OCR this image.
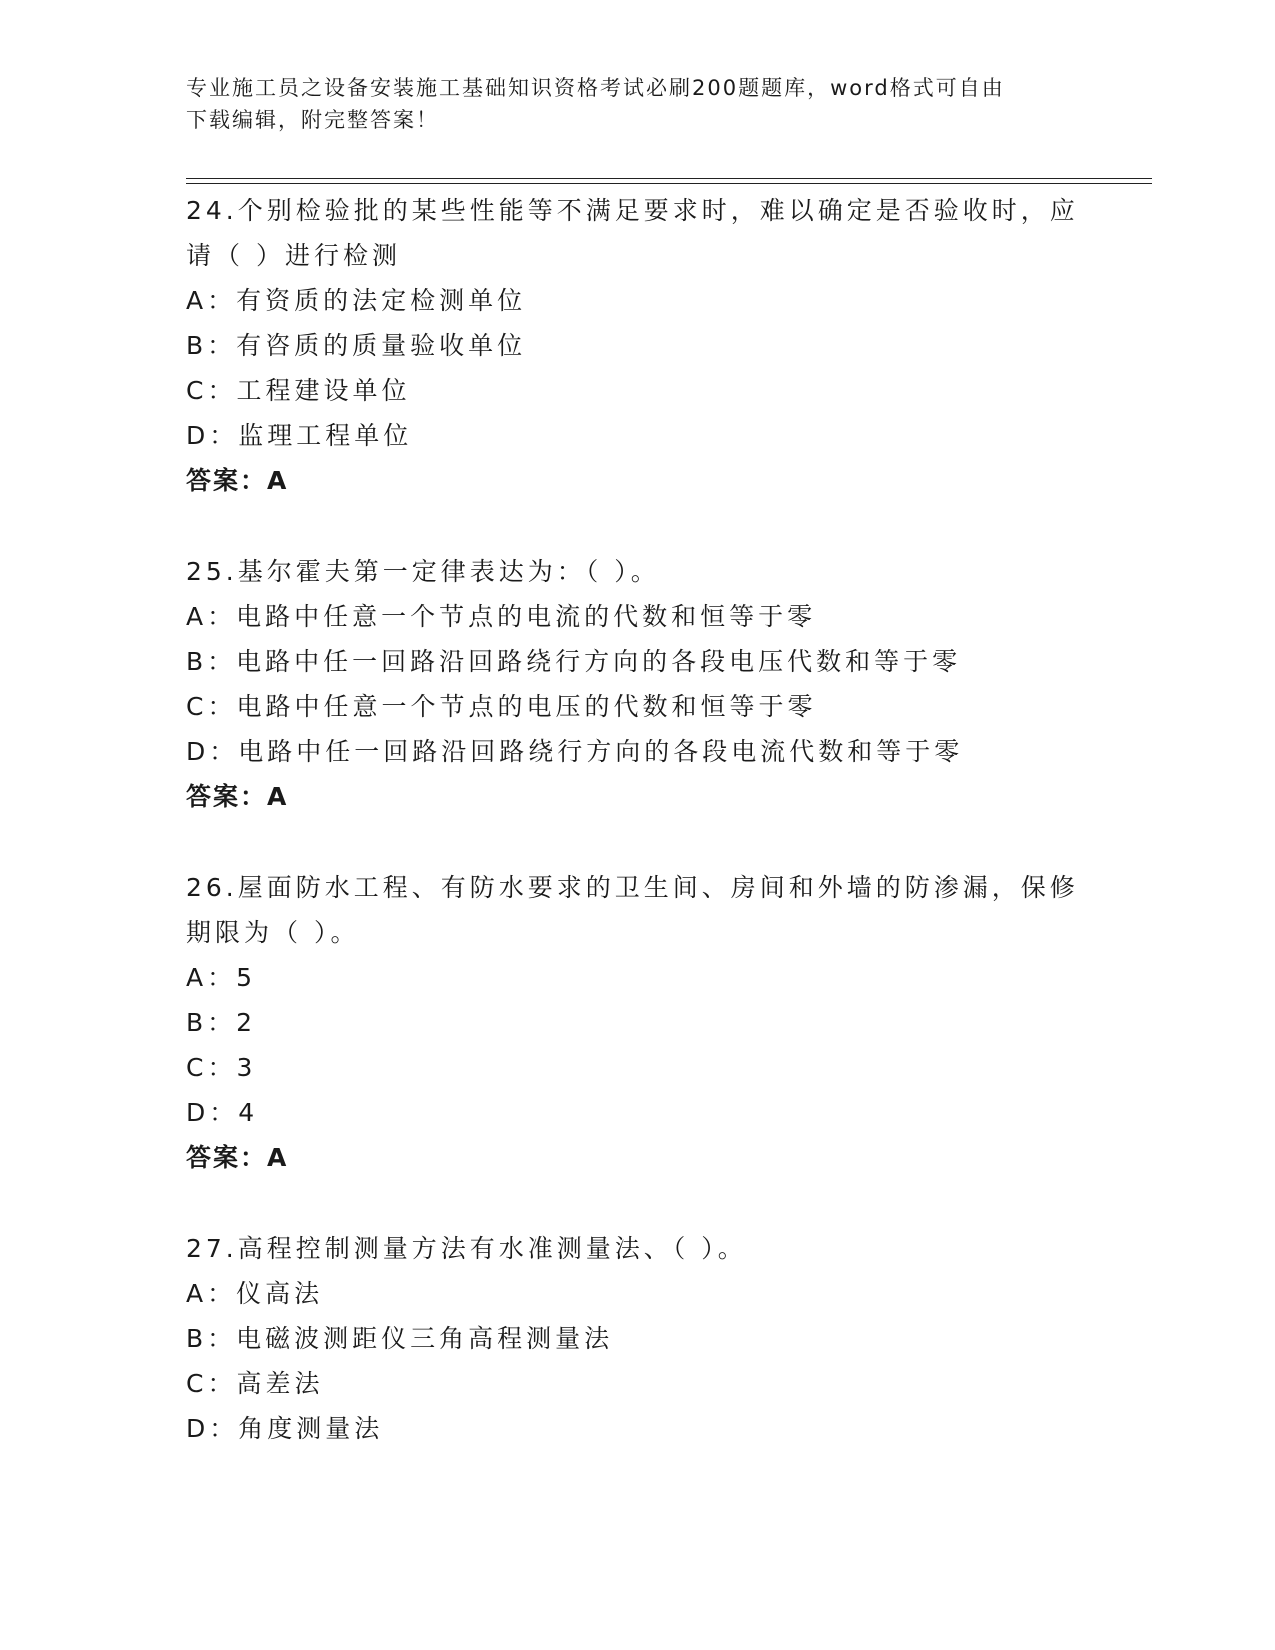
专业施工员之设备安装施工基础知识资格考试必刷200题题库，word格式可自由
下载编辑，附完整答案！
24.个别检验批的某些性能等不满足要求时，难以确定是否验收时，应
请（ ）进行检测
A：有资质的法定检测单位
B：有咨质的质量验收单位
C：工程建设单位
D：监理工程单位
答案：A
25.基尔霍夫第一定律表达为：（ ）。
A：电路中任意一个节点的电流的代数和恒等于零
B：电路中任一回路沿回路绕行方向的各段电压代数和等于零
C：电路中任意一个节点的电压的代数和恒等于零
D：电路中任一回路沿回路绕行方向的各段电流代数和等于零
答案：A
26.屋面防水工程、有防水要求的卫生间、房间和外墙的防渗漏，保修
期限为（ ）。
A：5
B：2
C：3
D：4
答案：A
27.高程控制测量方法有水准测量法、（ ）。
A：仪高法
B：电磁波测距仪三角高程测量法
C：高差法
D：角度测量法
